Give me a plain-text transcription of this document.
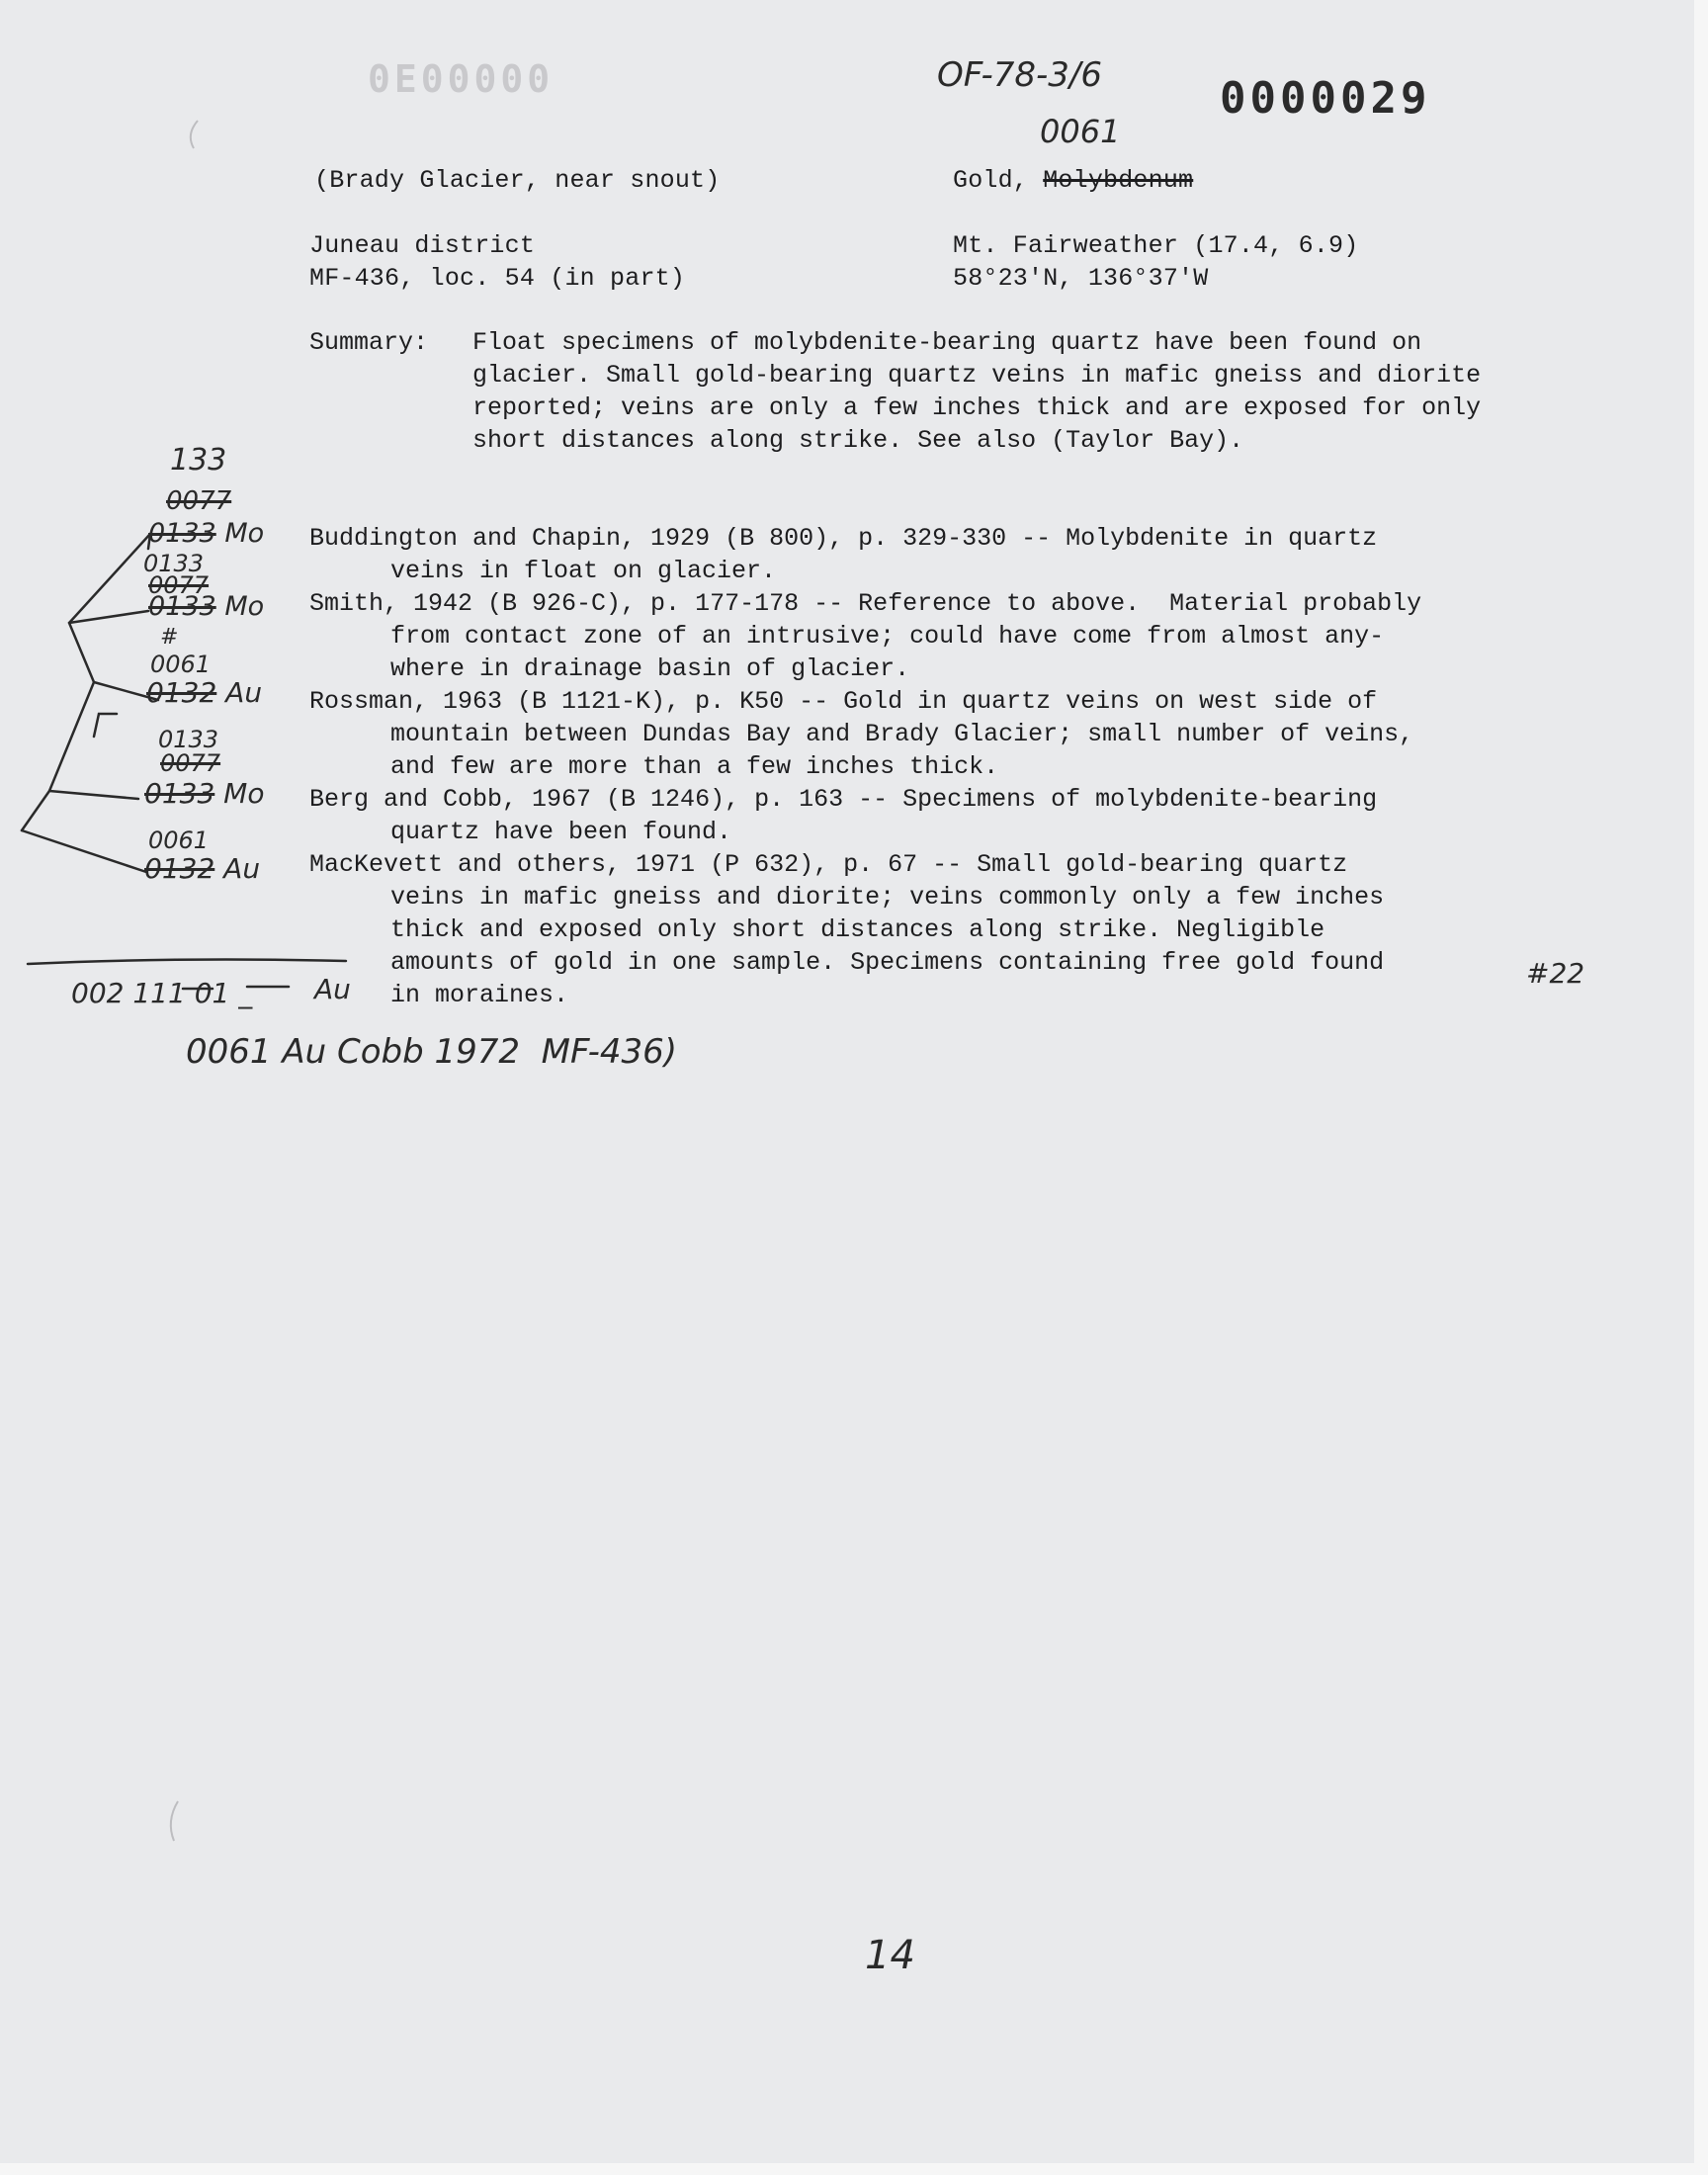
0E00000	OF-78-3/6	0000029
(Brady Glacier, near snout)
0061
Gold, Molybdenum
Juneau district
MF-436, loc. 54 (in part)
Mt. Fairweather (17.4, 6.9)
58°23'N, 136°37'W
Summary: Float specimens of molybdenite-bearing quartz have been found on glacier. Small gold-bearing quartz veins in mafic gneiss and diorite reported; veins are only a few inches thick and are exposed for only short distances along strike. See also (Taylor Bay).
Buddington and Chapin, 1929 (B 800), p. 329-330 -- Molybdenite in quartz
veins in float on glacier.
Smith, 1942 (B 926-C), p. 177-178 -- Reference to above.  Material probably
from contact zone of an intrusive; could have come from almost any-
where in drainage basin of glacier.
Rossman, 1963 (B 1121-K), p. K50 -- Gold in quartz veins on west side of
mountain between Dundas Bay and Brady Glacier; small number of veins,
and few are more than a few inches thick.
Berg and Cobb, 1967 (B 1246), p. 163 -- Specimens of molybdenite-bearing
quartz have been found.
MacKevett and others, 1971 (P 632), p. 67 -- Small gold-bearing quartz
veins in mafic gneiss and diorite; veins commonly only a few inches
thick and exposed only short distances along strike. Negligible
amounts of gold in one sample. Specimens containing free gold found
in moraines.
133
0077
0133 Mo
0133
0077
0133 Mo
#
0061
0132 Au
0133
0077
0133 Mo
0061
0132 Au
002 111 01 _ Au
0061 Au Cobb 1972  MF-436)
#22
14
